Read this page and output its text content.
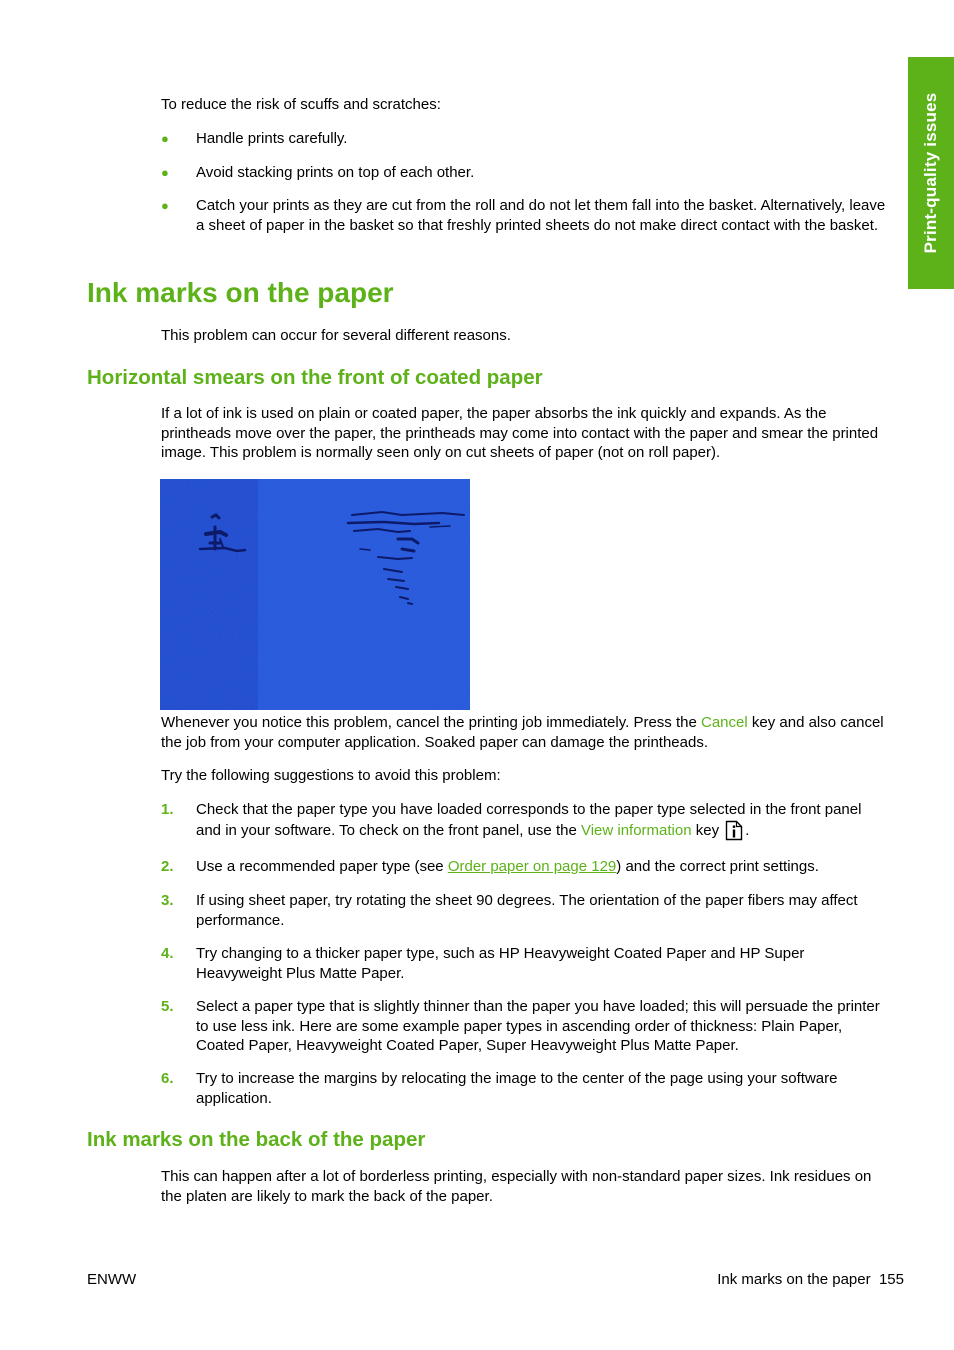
Print-quality issues
To reduce the risk of scuffs and scratches:
● Handle prints carefully.
● Avoid stacking prints on top of each other.
● Catch your prints as they are cut from the roll and do not let them fall into the basket. Alternatively, leave a sheet of paper in the basket so that freshly printed sheets do not make direct contact with the basket.
Ink marks on the paper
This problem can occur for several different reasons.
Horizontal smears on the front of coated paper
If a lot of ink is used on plain or coated paper, the paper absorbs the ink quickly and expands. As the printheads move over the paper, the printheads may come into contact with the paper and smear the printed image. This problem is normally seen only on cut sheets of paper (not on roll paper).
Whenever you notice this problem, cancel the printing job immediately. Press the Cancel key and also cancel the job from your computer application. Soaked paper can damage the printheads.
Try the following suggestions to avoid this problem:
1. Check that the paper type you have loaded corresponds to the paper type selected in the front panel and in your software. To check on the front panel, use the View information key .
2. Use a recommended paper type (see Order paper on page 129) and the correct print settings.
3. If using sheet paper, try rotating the sheet 90 degrees. The orientation of the paper fibers may affect performance.
4. Try changing to a thicker paper type, such as HP Heavyweight Coated Paper and HP Super Heavyweight Plus Matte Paper.
5. Select a paper type that is slightly thinner than the paper you have loaded; this will persuade the printer to use less ink. Here are some example paper types in ascending order of thickness: Plain Paper, Coated Paper, Heavyweight Coated Paper, Super Heavyweight Plus Matte Paper.
6. Try to increase the margins by relocating the image to the center of the page using your software application.
Ink marks on the back of the paper
This can happen after a lot of borderless printing, especially with non-standard paper sizes. Ink residues on the platen are likely to mark the back of the paper.
ENWW	Ink marks on the paper 155
